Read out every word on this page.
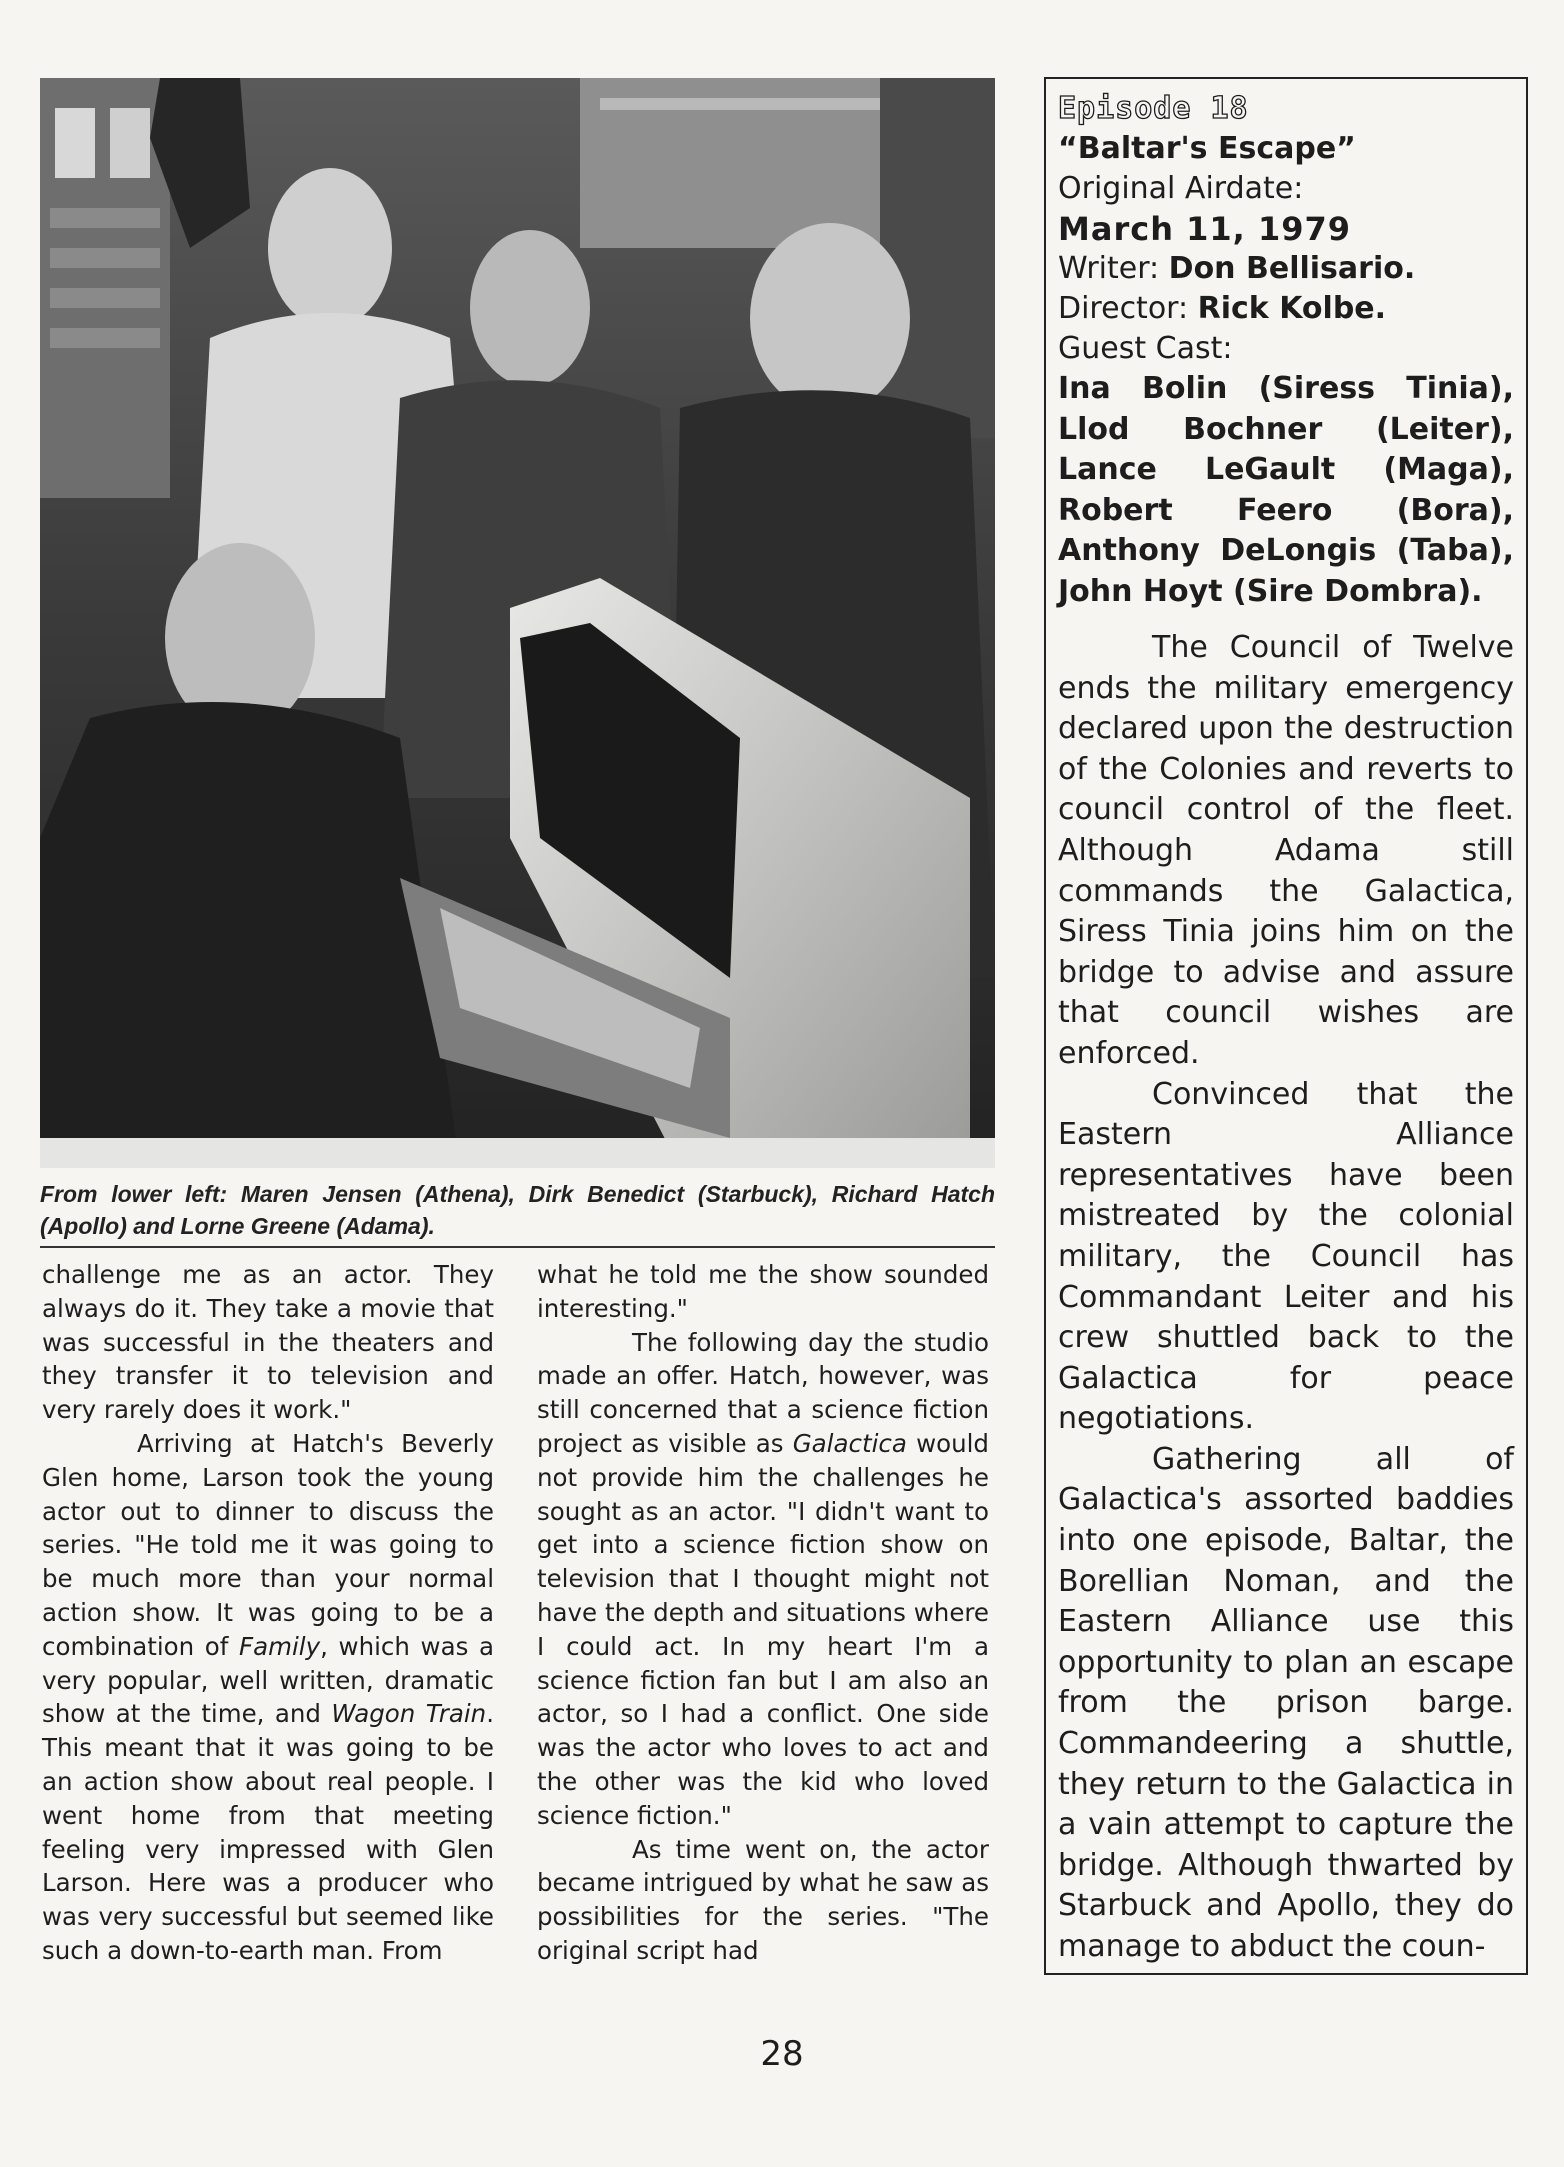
From lower left: Maren Jensen (Athena), Dirk Benedict (Starbuck), Richard Hatch (Apollo) and Lorne Greene (Adama).

challenge me as an actor. They always do it. They take a movie that was successful in the theaters and they transfer it to television and very rarely does it work."

Arriving at Hatch's Beverly Glen home, Larson took the young actor out to dinner to discuss the series. "He told me it was going to be much more than your normal action show. It was going to be a combination of Family, which was a very popular, well written, dramatic show at the time, and Wagon Train. This meant that it was going to be an action show about real people. I went home from that meeting feeling very impressed with Glen Larson. Here was a producer who was very successful but seemed like such a down-to-earth man. From

what he told me the show sounded interesting."

The following day the studio made an offer. Hatch, however, was still concerned that a science fiction project as visible as Galactica would not provide him the challenges he sought as an actor. "I didn't want to get into a science fiction show on television that I thought might not have the depth and situations where I could act. In my heart I'm a science fiction fan but I am also an actor, so I had a conflict. One side was the actor who loves to act and the other was the kid who loved science fiction."

As time went on, the actor became intrigued by what he saw as possibilities for the series. "The original script had

Episode 18
“Baltar's Escape”
Original Airdate:
March 11, 1979
Writer: Don Bellisario.
Director: Rick Kolbe.
Guest Cast:
Ina Bolin (Siress Tinia), Llod Bochner (Leiter), Lance LeGault (Maga), Robert Feero (Bora), Anthony DeLongis (Taba), John Hoyt (Sire Dombra).

The Council of Twelve ends the military emergency declared upon the destruction of the Colonies and reverts to council control of the fleet. Although Adama still commands the Galactica, Siress Tinia joins him on the bridge to advise and assure that council wishes are enforced.

Convinced that the Eastern Alliance representatives have been mistreated by the colonial military, the Council has Commandant Leiter and his crew shuttled back to the Galactica for peace negotiations.

Gathering all of Galactica's assorted baddies into one episode, Baltar, the Borellian Noman, and the Eastern Alliance use this opportunity to plan an escape from the prison barge. Commandeering a shuttle, they return to the Galactica in a vain attempt to capture the bridge. Although thwarted by Starbuck and Apollo, they do manage to abduct the coun-

28
